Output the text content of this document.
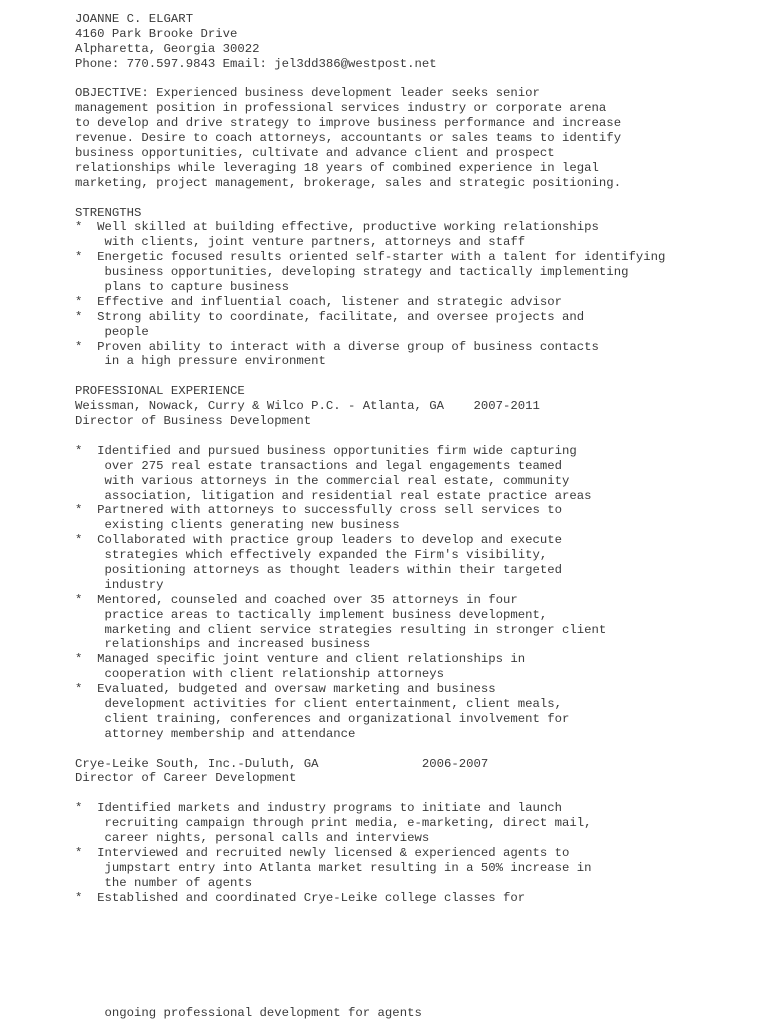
JOANNE C. ELGART
4160 Park Brooke Drive
Alpharetta, Georgia 30022
Phone: 770.597.9843 Email: jel3dd386@westpost.net
OBJECTIVE: Experienced business development leader seeks senior
management position in professional services industry or corporate arena
to develop and drive strategy to improve business performance and increase
revenue. Desire to coach attorneys, accountants or sales teams to identify
business opportunities, cultivate and advance client and prospect
relationships while leveraging 18 years of combined experience in legal
marketing, project management, brokerage, sales and strategic positioning.
STRENGTHS
*  Well skilled at building effective, productive working relationships
with clients, joint venture partners, attorneys and staff
*  Energetic focused results oriented self-starter with a talent for identifying
business opportunities, developing strategy and tactically implementing
plans to capture business
*  Effective and influential coach, listener and strategic advisor
*  Strong ability to coordinate, facilitate, and oversee projects and
people
*  Proven ability to interact with a diverse group of business contacts
in a high pressure environment
PROFESSIONAL EXPERIENCE
Weissman, Nowack, Curry & Wilco P.C. - Atlanta, GA    2007-2011
Director of Business Development
*  Identified and pursued business opportunities firm wide capturing
over 275 real estate transactions and legal engagements teamed
with various attorneys in the commercial real estate, community
association, litigation and residential real estate practice areas
*  Partnered with attorneys to successfully cross sell services to
existing clients generating new business
*  Collaborated with practice group leaders to develop and execute
strategies which effectively expanded the Firm's visibility,
positioning attorneys as thought leaders within their targeted
industry
*  Mentored, counseled and coached over 35 attorneys in four
practice areas to tactically implement business development,
marketing and client service strategies resulting in stronger client
relationships and increased business
*  Managed specific joint venture and client relationships in
cooperation with client relationship attorneys
*  Evaluated, budgeted and oversaw marketing and business
development activities for client entertainment, client meals,
client training, conferences and organizational involvement for
attorney membership and attendance
Crye-Leike South, Inc.-Duluth, GA              2006-2007
Director of Career Development
*  Identified markets and industry programs to initiate and launch
recruiting campaign through print media, e-marketing, direct mail,
career nights, personal calls and interviews
*  Interviewed and recruited newly licensed & experienced agents to
jumpstart entry into Atlanta market resulting in a 50% increase in
the number of agents
*  Established and coordinated Crye-Leike college classes for
ongoing professional development for agents
